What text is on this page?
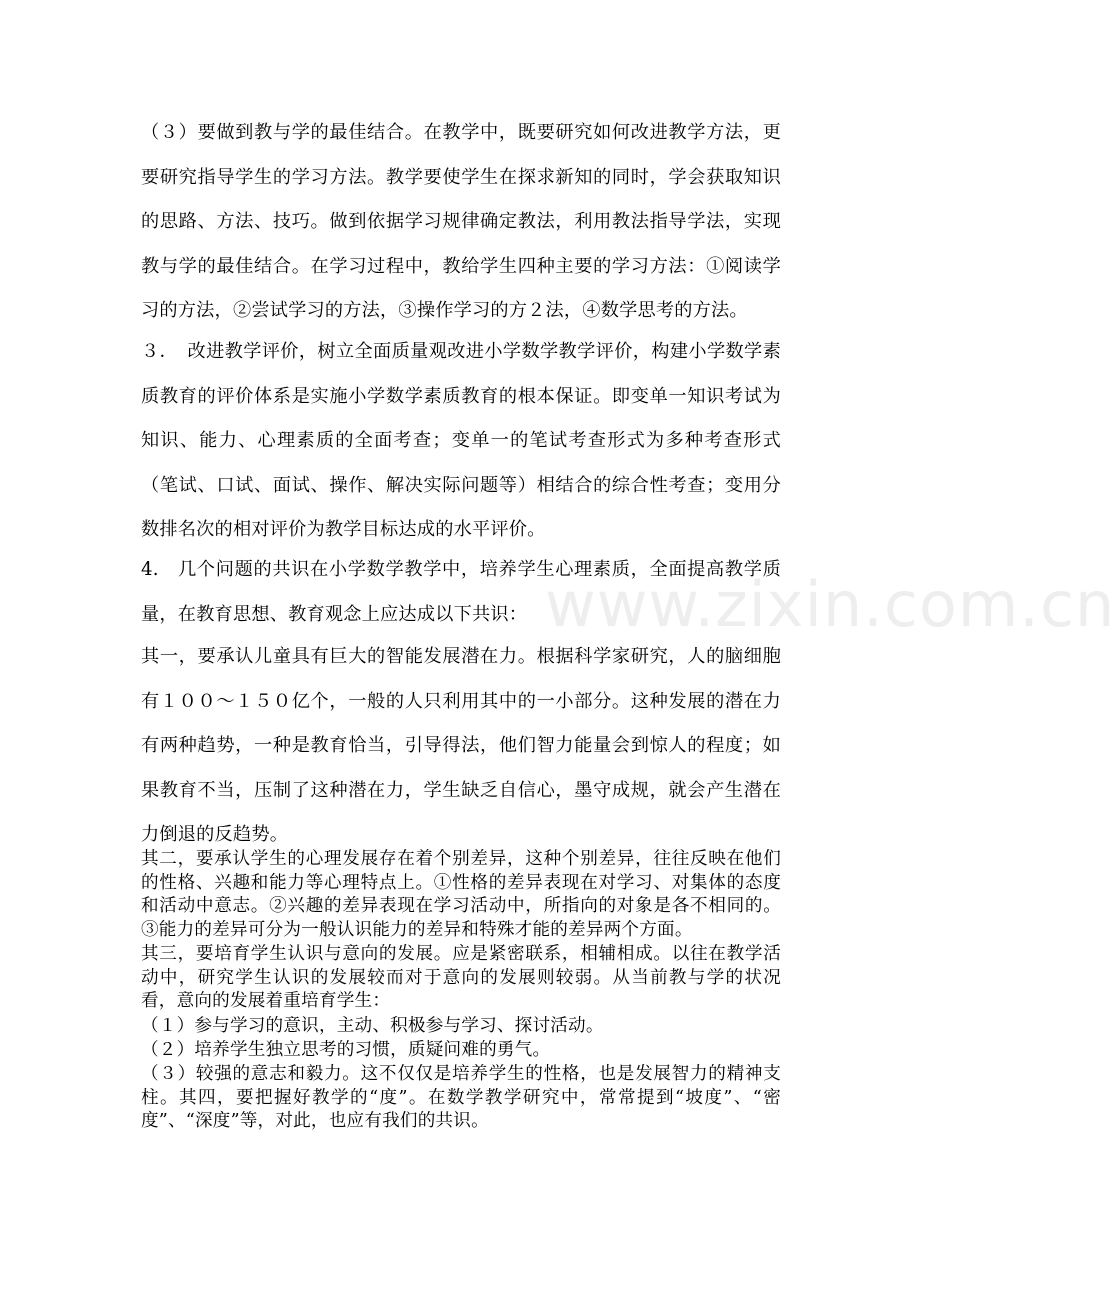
（３）要做到教与学的最佳结合。在教学中，既要研究如何改进教学方法，更要研究指导学生的学习方法。教学要使学生在探求新知的同时，学会获取知识的思路、方法、技巧。做到依据学习规律确定教法，利用教法指导学法，实现教与学的最佳结合。在学习过程中，教给学生四种主要的学习方法：①阅读学习的方法，②尝试学习的方法，③操作学习的方２法，④数学思考的方法。

３．　改进教学评价，树立全面质量观改进小学数学教学评价，构建小学数学素质教育的评价体系是实施小学数学素质教育的根本保证。即变单一知识考试为知识、能力、心理素质的全面考查；变单一的笔试考查形式为多种考查形式（笔试、口试、面试、操作、解决实际问题等）相结合的综合性考查；变用分数排名次的相对评价为教学目标达成的水平评价。

4.　几个问题的共识在小学数学教学中，培养学生心理素质，全面提高教学质量，在教育思想、教育观念上应达成以下共识：

其一，要承认儿童具有巨大的智能发展潜在力。根据科学家研究，人的脑细胞有１００～１５０亿个，一般的人只利用其中的一小部分。这种发展的潜在力有两种趋势，一种是教育恰当，引导得法，他们智力能量会到惊人的程度；如果教育不当，压制了这种潜在力，学生缺乏自信心，墨守成规，就会产生潜在力倒退的反趋势。

其二，要承认学生的心理发展存在着个别差异，这种个别差异，往往反映在他们的性格、兴趣和能力等心理特点上。①性格的差异表现在对学习、对集体的态度和活动中意志。②兴趣的差异表现在学习活动中，所指向的对象是各不相同的。③能力的差异可分为一般认识能力的差异和特殊才能的差异两个方面。

其三，要培育学生认识与意向的发展。应是紧密联系，相辅相成。以往在教学活动中，研究学生认识的发展较而对于意向的发展则较弱。从当前教与学的状况看，意向的发展着重培育学生：

（１）参与学习的意识，主动、积极参与学习、探讨活动。

（２）培养学生独立思考的习惯，质疑问难的勇气。

（３）较强的意志和毅力。这不仅仅是培养学生的性格，也是发展智力的精神支柱。其四，要把握好教学的“度”。在数学教学研究中，常常提到“坡度”、“密度”、“深度”等，对此，也应有我们的共识。

www.zixin.com.cn
